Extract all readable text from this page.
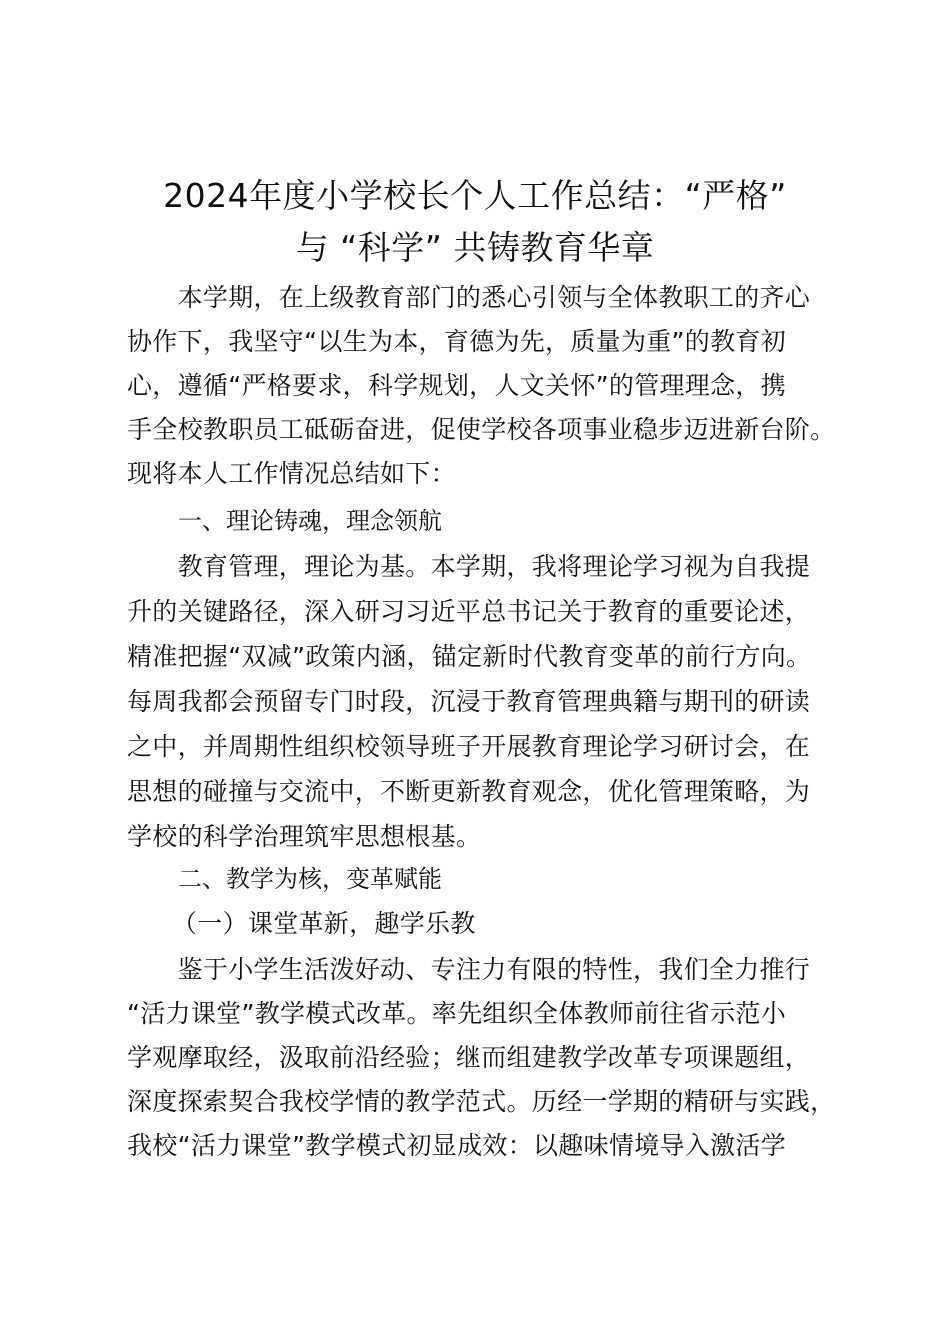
2024年度小学校长个人工作总结：“严格”
与 “科学” 共铸教育华章
　　本学期，在上级教育部门的悉心引领与全体教职工的齐心
协作下，我坚守“以生为本，育德为先，质量为重”的教育初
心，遵循“严格要求，科学规划，人文关怀”的管理理念，携
手全校教职员工砥砺奋进，促使学校各项事业稳步迈进新台阶。
现将本人工作情况总结如下：
一、理论铸魂，理念领航
　　教育管理，理论为基。本学期，我将理论学习视为自我提
升的关键路径，深入研习习近平总书记关于教育的重要论述，
精准把握“双减”政策内涵，锚定新时代教育变革的前行方向。
每周我都会预留专门时段，沉浸于教育管理典籍与期刊的研读
之中，并周期性组织校领导班子开展教育理论学习研讨会，在
思想的碰撞与交流中，不断更新教育观念，优化管理策略，为
学校的科学治理筑牢思想根基。
二、教学为核，变革赋能
（一）课堂革新，趣学乐教
　　鉴于小学生活泼好动、专注力有限的特性，我们全力推行
“活力课堂”教学模式改革。率先组织全体教师前往省示范小
学观摩取经，汲取前沿经验；继而组建教学改革专项课题组，
深度探索契合我校学情的教学范式。历经一学期的精研与实践，
我校“活力课堂”教学模式初显成效：以趣味情境导入激活学
